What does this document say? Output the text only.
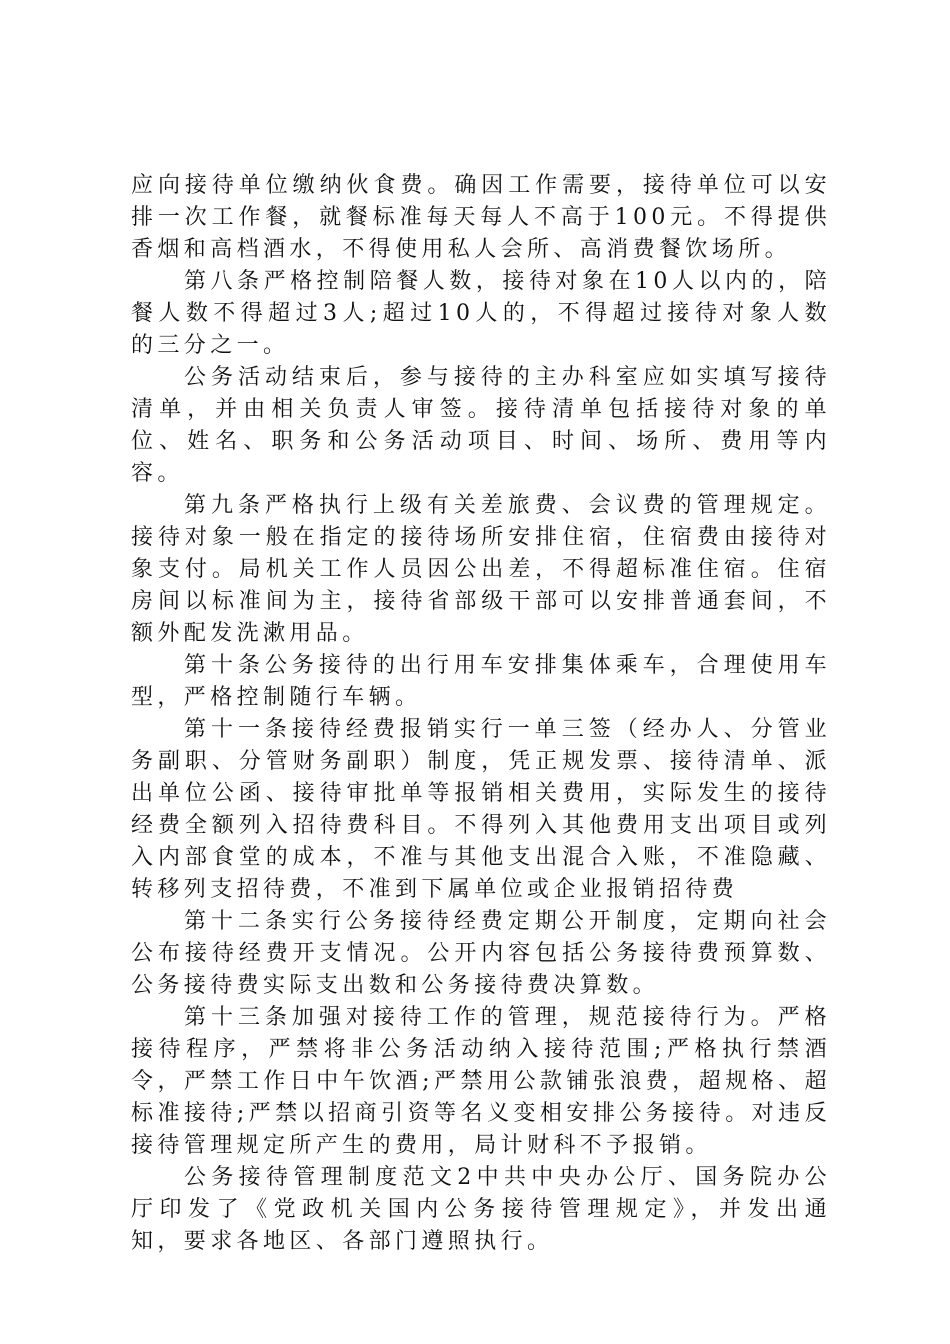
应向接待单位缴纳伙食费。确因工作需要，接待单位可以安排一次工作餐，就餐标准每天每人不高于100元。不得提供香烟和高档酒水，不得使用私人会所、高消费餐饮场所。

第八条严格控制陪餐人数，接待对象在10人以内的，陪餐人数不得超过3人;超过10人的，不得超过接待对象人数的三分之一。

公务活动结束后，参与接待的主办科室应如实填写接待清单，并由相关负责人审签。接待清单包括接待对象的单位、姓名、职务和公务活动项目、时间、场所、费用等内容。

第九条严格执行上级有关差旅费、会议费的管理规定。接待对象一般在指定的接待场所安排住宿，住宿费由接待对象支付。局机关工作人员因公出差，不得超标准住宿。住宿房间以标准间为主，接待省部级干部可以安排普通套间，不额外配发洗漱用品。

第十条公务接待的出行用车安排集体乘车，合理使用车型，严格控制随行车辆。

第十一条接待经费报销实行一单三签（经办人、分管业务副职、分管财务副职）制度，凭正规发票、接待清单、派出单位公函、接待审批单等报销相关费用，实际发生的接待经费全额列入招待费科目。不得列入其他费用支出项目或列入内部食堂的成本，不准与其他支出混合入账，不准隐藏、转移列支招待费，不准到下属单位或企业报销招待费

第十二条实行公务接待经费定期公开制度，定期向社会公布接待经费开支情况。公开内容包括公务接待费预算数、公务接待费实际支出数和公务接待费决算数。

第十三条加强对接待工作的管理，规范接待行为。严格接待程序，严禁将非公务活动纳入接待范围;严格执行禁酒令，严禁工作日中午饮酒;严禁用公款铺张浪费，超规格、超标准接待;严禁以招商引资等名义变相安排公务接待。对违反接待管理规定所产生的费用，局计财科不予报销。

公务接待管理制度范文2中共中央办公厅、国务院办公厅印发了《党政机关国内公务接待管理规定》，并发出通知，要求各地区、各部门遵照执行。
